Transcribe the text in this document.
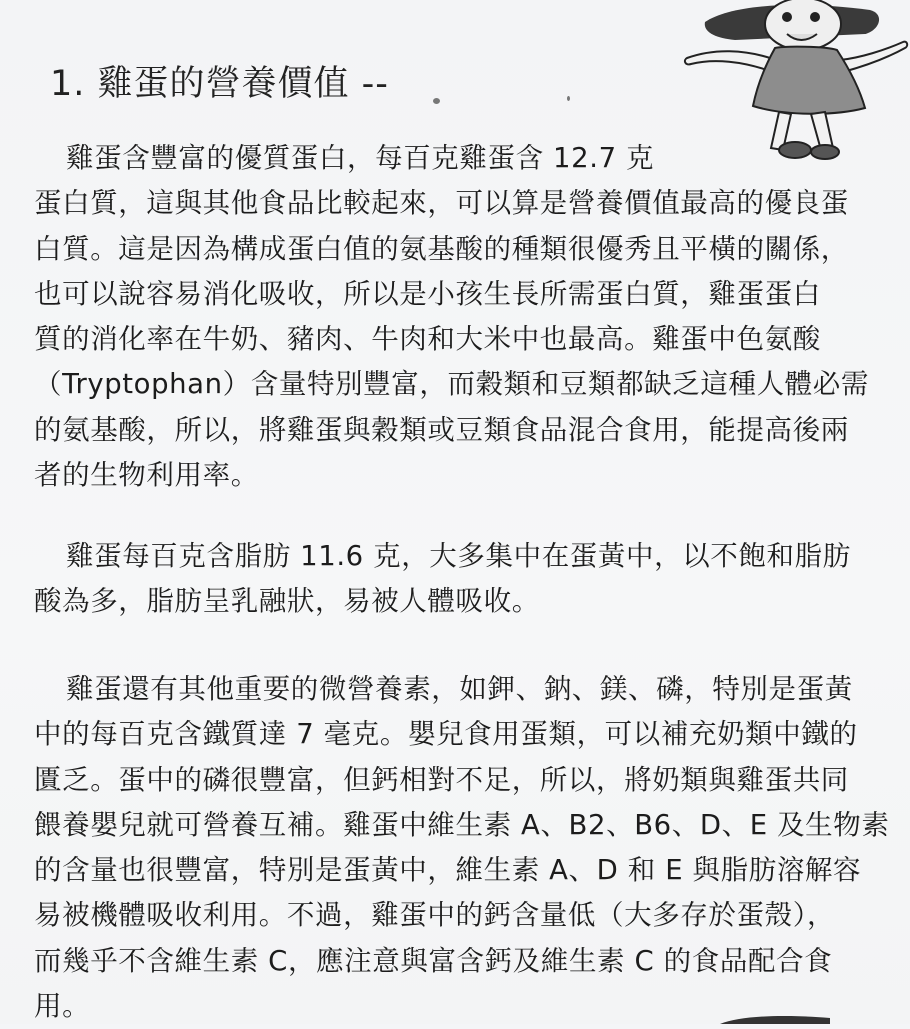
1. 雞蛋的營養價值 --
雞蛋含豐富的優質蛋白，每百克雞蛋含 12.7 克
蛋白質，這與其他食品比較起來，可以算是營養價值最高的優良蛋
白質。這是因為構成蛋白值的氨基酸的種類很優秀且平橫的關係，
也可以說容易消化吸收，所以是小孩生長所需蛋白質，雞蛋蛋白
質的消化率在牛奶、豬肉、牛肉和大米中也最高。雞蛋中色氨酸
（Tryptophan）含量特別豐富，而穀類和豆類都缺乏這種人體必需
的氨基酸，所以，將雞蛋與穀類或豆類食品混合食用，能提高後兩
者的生物利用率。
雞蛋每百克含脂肪 11.6 克，大多集中在蛋黃中，以不飽和脂肪
酸為多，脂肪呈乳融狀，易被人體吸收。
雞蛋還有其他重要的微營養素，如鉀、鈉、鎂、磷，特別是蛋黃
中的每百克含鐵質達 7 毫克。嬰兒食用蛋類，可以補充奶類中鐵的
匱乏。蛋中的磷很豐富，但鈣相對不足，所以，將奶類與雞蛋共同
餵養嬰兒就可營養互補。雞蛋中維生素 A、B2、B6、D、E 及生物素
的含量也很豐富，特別是蛋黃中，維生素 A、D 和 E 與脂肪溶解容
易被機體吸收利用。不過，雞蛋中的鈣含量低（大多存於蛋殼），
而幾乎不含維生素 C，應注意與富含鈣及維生素 C 的食品配合食
用。
